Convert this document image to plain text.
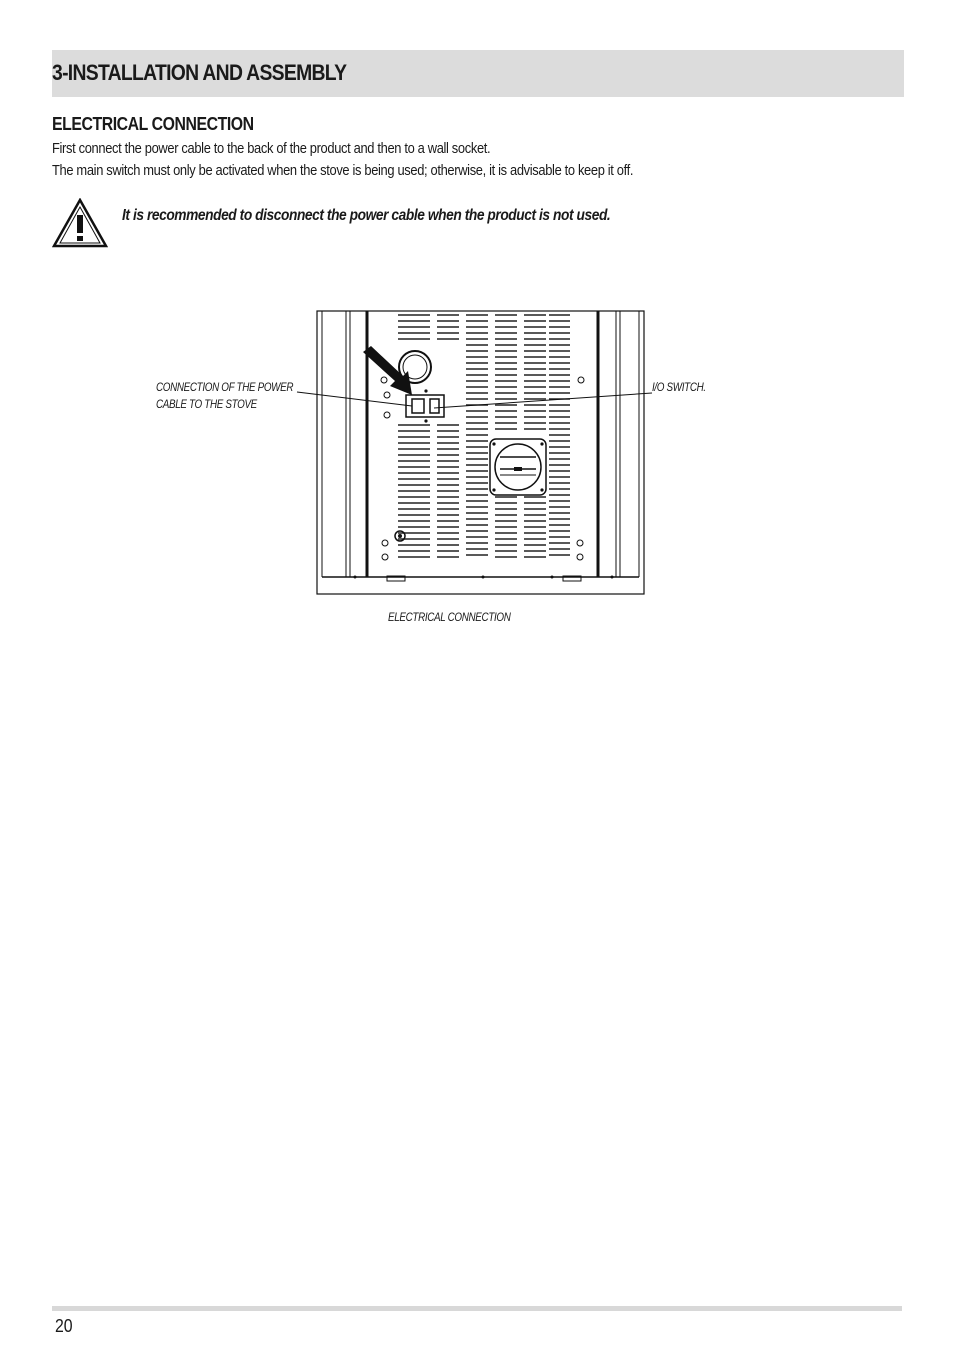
3-INSTALLATION AND ASSEMBLY
ELECTRICAL CONNECTION
First connect the power cable to the back of the product and then to a wall socket.
The main switch must only be activated when the stove is being used; otherwise, it is advisable to keep it off.
It is recommended to disconnect the power cable when the product is not used.
CONNECTION OF THE POWER
CABLE TO THE STOVE
I/O SWITCH.
ELECTRICAL CONNECTION
20
